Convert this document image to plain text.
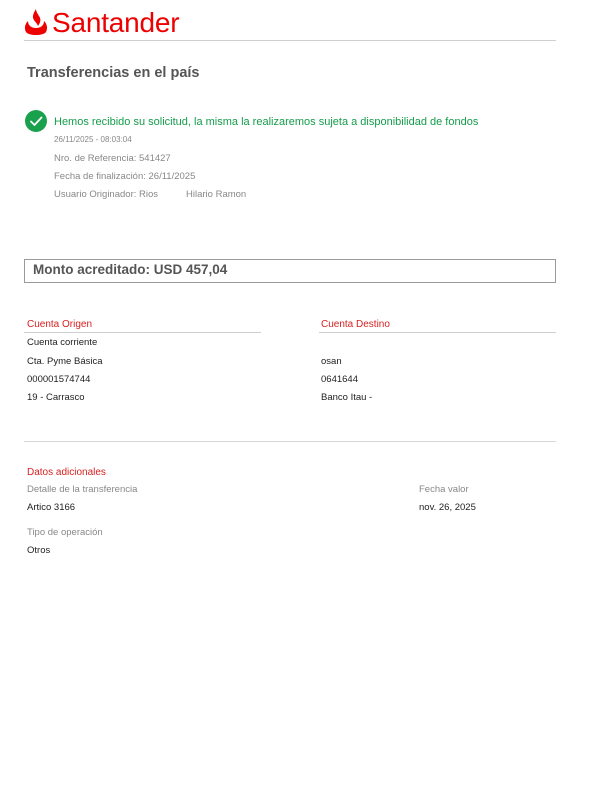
Santander
Transferencias en el país
Hemos recibido su solicitud, la misma la realizaremos sujeta a disponibilidad de fondos
26/11/2025 - 08:03:04
Nro. de Referencia: 541427
Fecha de finalización: 26/11/2025
Usuario Originador: Rios	Hilario Ramon
Monto acreditado: USD 457,04
Cuenta Origen
Cuenta corriente
Cta. Pyme Básica
000001574744
19 - Carrasco
Cuenta Destino
osan
0641644
Banco Itau -
Datos adicionales
Detalle de la transferencia
Artico 3166
Fecha valor
nov. 26, 2025
Tipo de operación
Otros
